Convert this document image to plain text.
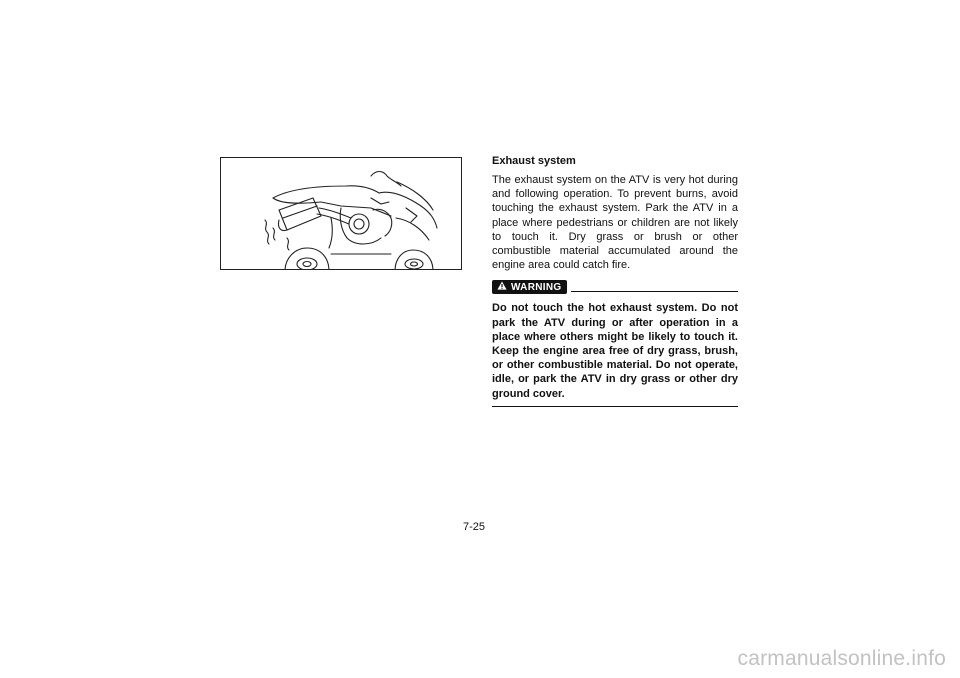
Exhaust system

The exhaust system on the ATV is very hot during and following operation. To prevent burns, avoid touching the exhaust system. Park the ATV in a place where pedestrians or children are not likely to touch it. Dry grass or brush or other combustible material accumulated around the engine area could catch fire.

WARNING

Do not touch the hot exhaust system. Do not park the ATV during or after operation in a place where others might be likely to touch it. Keep the engine area free of dry grass, brush, or other combustible material. Do not operate, idle, or park the ATV in dry grass or other dry ground cover.

7-25
carmanualsonline.info
